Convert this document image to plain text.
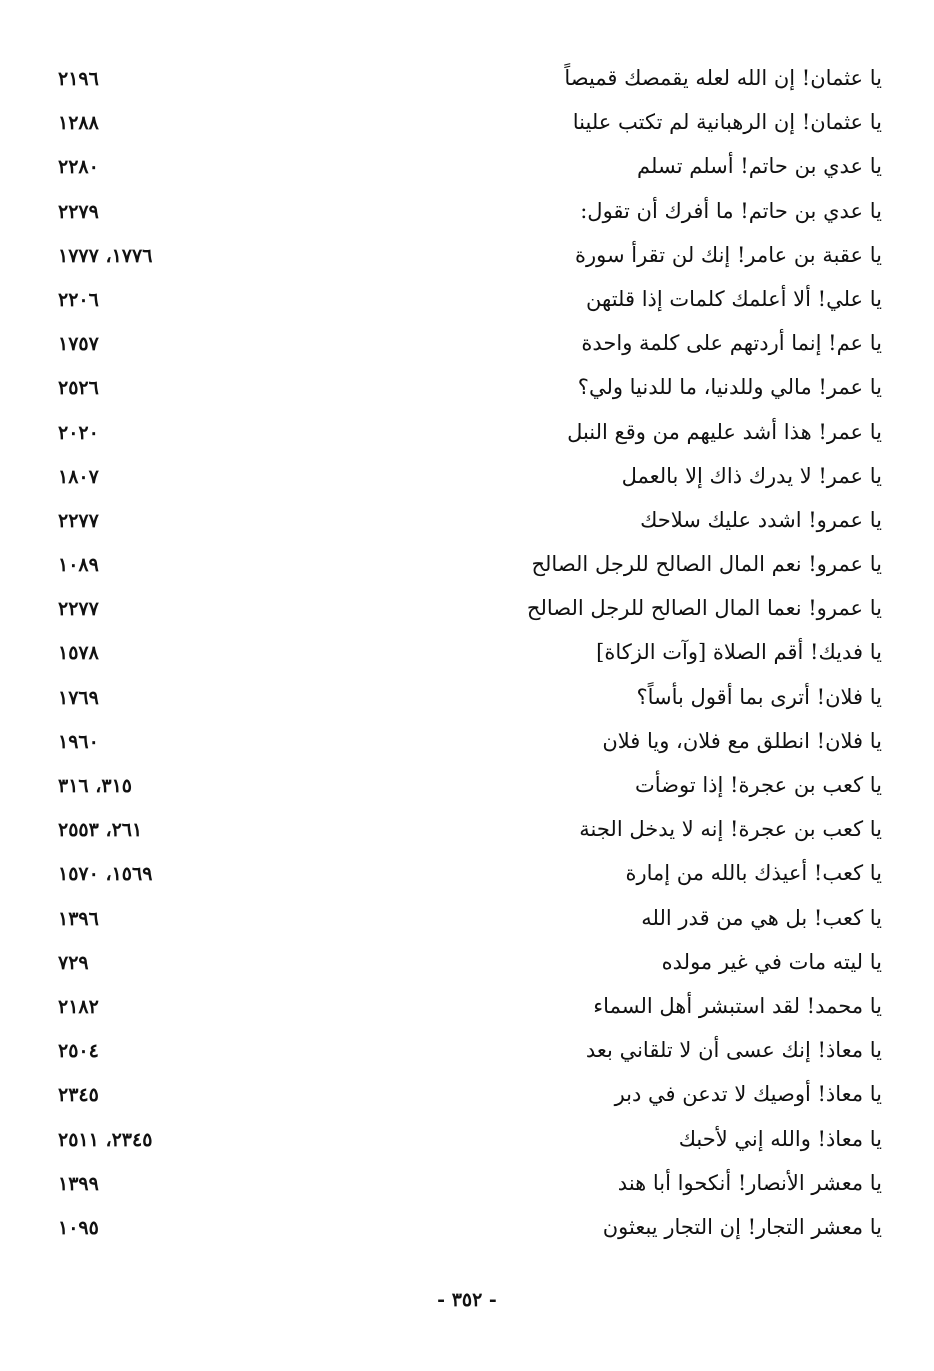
يا عثمان! إن الله لعله يقمصك قميصاً
٢١٩٦
يا عثمان! إن الرهبانية لم تكتب علينا
١٢٨٨
يا عدي بن حاتم! أسلم تسلم
٢٢٨٠
يا عدي بن حاتم! ما أفرك أن تقول:
٢٢٧٩
يا عقبة بن عامر! إنك لن تقرأ سورة
١٧٧٦، ١٧٧٧
يا علي! ألا أعلمك كلمات إذا قلتهن
٢٢٠٦
يا عم! إنما أردتهم على كلمة واحدة
١٧٥٧
يا عمر! مالي وللدنيا، ما للدنيا ولي؟
٢٥٢٦
يا عمر! هذا أشد عليهم من وقع النبل
٢٠٢٠
يا عمر! لا يدرك ذاك إلا بالعمل
١٨٠٧
يا عمرو! اشدد عليك سلاحك
٢٢٧٧
يا عمرو! نعم المال الصالح للرجل الصالح
١٠٨٩
يا عمرو! نعما المال الصالح للرجل الصالح
٢٢٧٧
يا فديك! أقم الصلاة [وآت الزكاة]
١٥٧٨
يا فلان! أترى بما أقول بأساً؟
١٧٦٩
يا فلان! انطلق مع فلان، ويا فلان
١٩٦٠
يا كعب بن عجرة! إذا توضأت
٣١٥، ٣١٦
يا كعب بن عجرة! إنه لا يدخل الجنة
٢٦١، ٢٥٥٣
يا كعب! أعيذك بالله من إمارة
١٥٦٩، ١٥٧٠
يا كعب! بل هي من قدر الله
١٣٩٦
يا ليته مات في غير مولده
٧٢٩
يا محمد! لقد استبشر أهل السماء
٢١٨٢
يا معاذ! إنك عسى أن لا تلقاني بعد
٢٥٠٤
يا معاذ! أوصيك لا تدعن في دبر
٢٣٤٥
يا معاذ! والله إني لأحبك
٢٣٤٥، ٢٥١١
يا معشر الأنصار! أنكحوا أبا هند
١٣٩٩
يا معشر التجار! إن التجار يبعثون
١٠٩٥
- ٣٥٢ -
